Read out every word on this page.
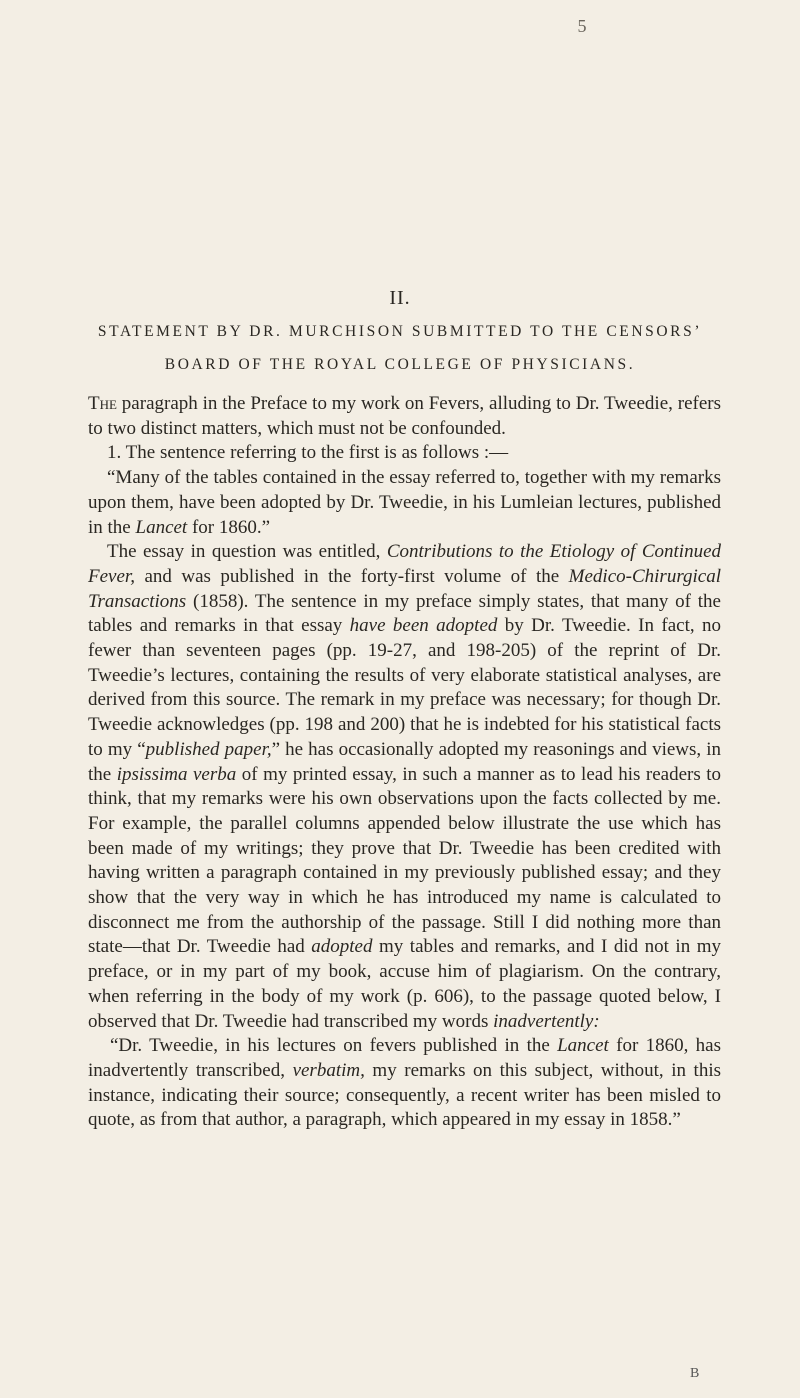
5
II.
STATEMENT BY DR. MURCHISON SUBMITTED TO THE CENSORS’
BOARD OF THE ROYAL COLLEGE OF PHYSICIANS.

The paragraph in the Preface to my work on Fevers, alluding to Dr. Tweedie, refers to two distinct matters, which must not be confounded.

1. The sentence referring to the first is as follows :—

“Many of the tables contained in the essay referred to, together with my remarks upon them, have been adopted by Dr. Tweedie, in his Lumleian lectures, published in the Lancet for 1860.”

The essay in question was entitled, Contributions to the Etiology of Continued Fever, and was published in the forty-first volume of the Medico-Chirurgical Transactions (1858). The sentence in my preface simply states, that many of the tables and remarks in that essay have been adopted by Dr. Tweedie. In fact, no fewer than seventeen pages (pp. 19-27, and 198-205) of the reprint of Dr. Tweedie’s lectures, containing the results of very elaborate statistical analyses, are derived from this source. The remark in my preface was necessary; for though Dr. Tweedie acknowledges (pp. 198 and 200) that he is indebted for his statistical facts to my “published paper,” he has occasionally adopted my reasonings and views, in the ipsissima verba of my printed essay, in such a manner as to lead his readers to think, that my remarks were his own observations upon the facts collected by me. For example, the parallel columns appended below illustrate the use which has been made of my writings; they prove that Dr. Tweedie has been credited with having written a paragraph contained in my previously published essay; and they show that the very way in which he has introduced my name is calculated to disconnect me from the authorship of the passage. Still I did nothing more than state—that Dr. Tweedie had adopted my tables and remarks, and I did not in my preface, or in my part of my book, accuse him of plagiarism. On the contrary, when referring in the body of my work (p. 606), to the passage quoted below, I observed that Dr. Tweedie had transcribed my words inadvertently:

“Dr. Tweedie, in his lectures on fevers published in the Lancet for 1860, has inadvertently transcribed, verbatim, my remarks on this subject, without, in this instance, indicating their source; consequently, a recent writer has been misled to quote, as from that author, a paragraph, which appeared in my essay in 1858.”

B
